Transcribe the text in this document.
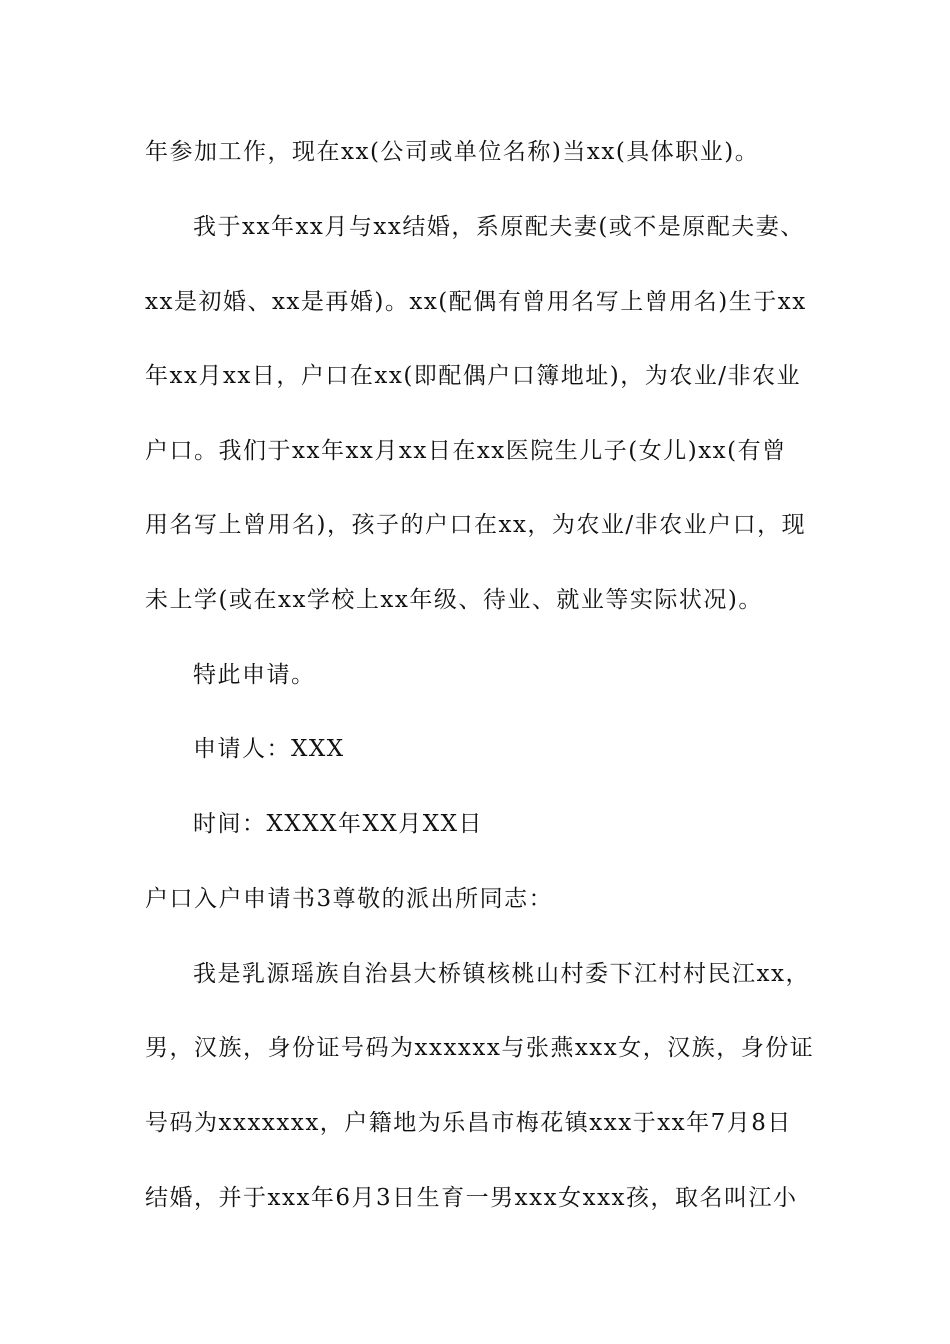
年参加工作，现在xx(公司或单位名称)当xx(具体职业)。
我于xx年xx月与xx结婚，系原配夫妻(或不是原配夫妻、
xx是初婚、xx是再婚)。xx(配偶有曾用名写上曾用名)生于xx
年xx月xx日，户口在xx(即配偶户口簿地址)，为农业/非农业
户口。我们于xx年xx月xx日在xx医院生儿子(女儿)xx(有曾
用名写上曾用名)，孩子的户口在xx，为农业/非农业户口，现
未上学(或在xx学校上xx年级、待业、就业等实际状况)。
特此申请。
申请人：XXX
时间：XXXX年XX月XX日
户口入户申请书3尊敬的派出所同志：
我是乳源瑶族自治县大桥镇核桃山村委下江村村民江xx，
男，汉族，身份证号码为xxxxxx与张燕xxx女，汉族，身份证
号码为xxxxxxx，户籍地为乐昌市梅花镇xxx于xx年7月8日
结婚，并于xxx年6月3日生育一男xxx女xxx孩，取名叫江小
